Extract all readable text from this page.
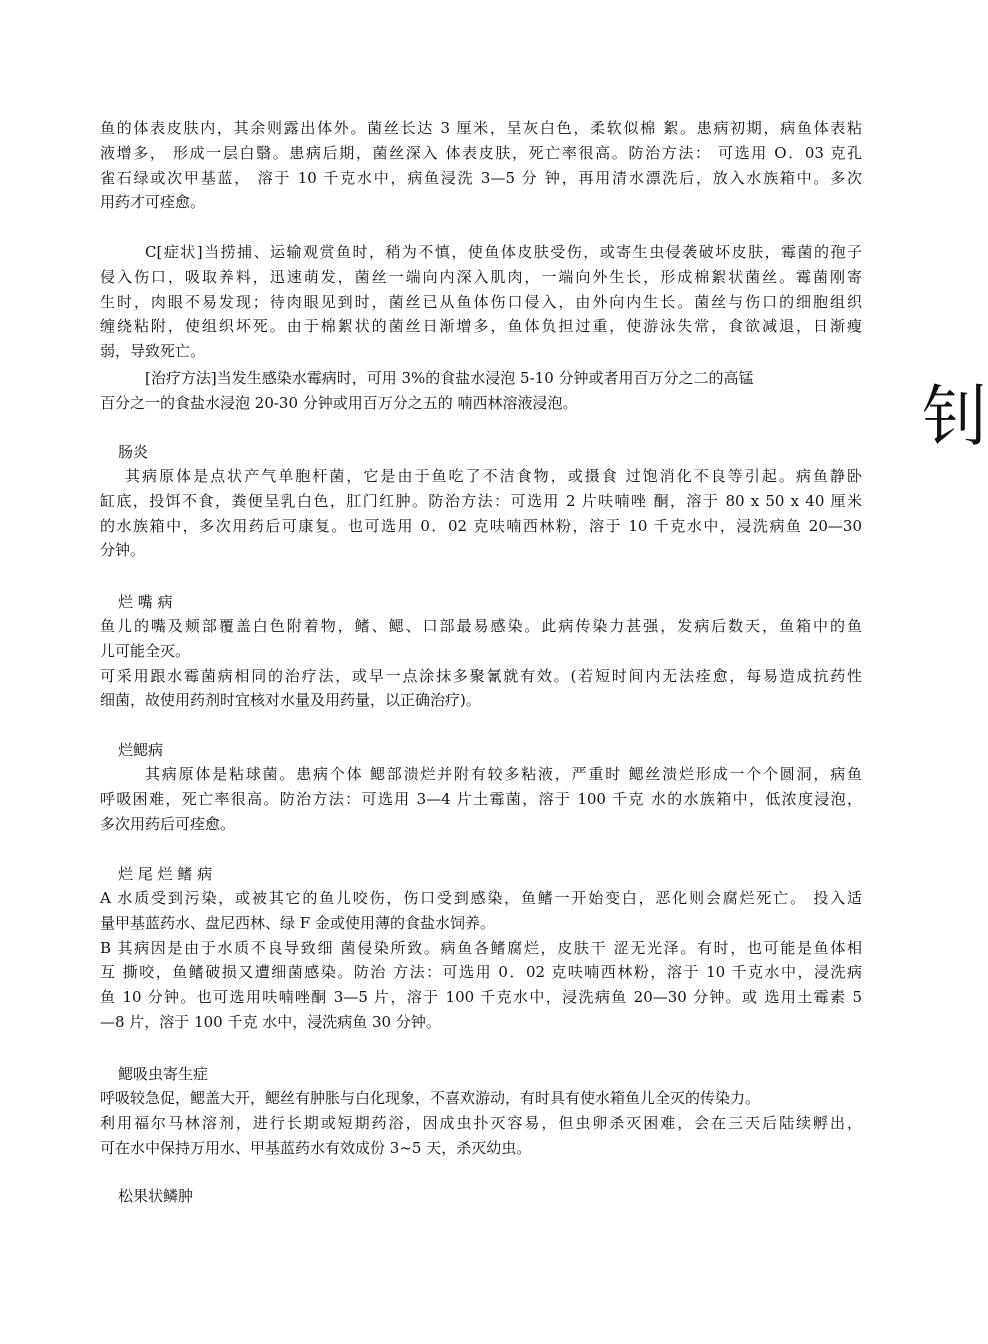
钊
鱼的体表皮肤内，其余则露出体外。菌丝长达 3 厘米，呈灰白色，柔软似棉 絮。患病初期，病鱼体表粘
液增多， 形成一层白翳。患病后期，菌丝深入 体表皮肤，死亡率很高。防治方法： 可选用 O．03 克孔
雀石绿或次甲基蓝， 溶于 10 千克水中，病鱼浸洗 3—5 分 钟，再用清水漂洗后，放入水族箱中。多次
用药才可痊愈。
C[症状]当捞捕、运输观赏鱼时，稍为不慎，使鱼体皮肤受伤，或寄生虫侵袭破坏皮肤，霉菌的孢子
侵入伤口，吸取养料，迅速萌发，菌丝一端向内深入肌肉，一端向外生长，形成棉絮状菌丝。霉菌刚寄
生时，肉眼不易发现；待肉眼见到时，菌丝已从鱼体伤口侵入，由外向内生长。菌丝与伤口的细胞组织
缠绕粘附，使组织坏死。由于棉絮状的菌丝日渐增多，鱼体负担过重，使游泳失常，食欲减退，日渐瘦
弱，导致死亡。
[治疗方法]当发生感染水霉病时，可用 3%的食盐水浸泡 5-10 分钟或者用百万分之二的高锰
百分之一的食盐水浸泡 20-30 分钟或用百万分之五的 喃西林溶液浸泡。
肠炎
其病原体是点状产气单胞杆菌，它是由于鱼吃了不洁食物，或摄食 过饱消化不良等引起。病鱼静卧
缸底，投饵不食，粪便呈乳白色，肛门红肿。防治方法：可选用 2 片呋喃唑 酮，溶于 80 x 50 x 40 厘米
的水族箱中，多次用药后可康复。也可选用 0．02 克呋喃西林粉，溶于 10 千克水中，浸洗病鱼 20—30
分钟。
烂 嘴 病
鱼儿的嘴及颊部覆盖白色附着物，鳍、鳃、口部最易感染。此病传染力甚强，发病后数天，鱼箱中的鱼
儿可能全灭。
可采用跟水霉菌病相同的治疗法，或早一点涂抹多聚氰就有效。(若短时间内无法痊愈，每易造成抗药性
细菌，故使用药剂时宜核对水量及用药量，以正确治疗)。
烂鳃病
其病原体是粘球菌。患病个体 鳃部溃烂并附有较多粘液，严重时 鳃丝溃烂形成一个个圆洞，病鱼
呼吸困难，死亡率很高。防治方法：可选用 3—4 片土霉菌，溶于 100 千克 水的水族箱中，低浓度浸泡，
多次用药后可痊愈。
烂 尾 烂 鳍 病
A 水质受到污染，或被其它的鱼儿咬伤，伤口受到感染，鱼鳍一开始变白，恶化则会腐烂死亡。 投入适
量甲基蓝药水、盘尼西林、绿 F 金或使用薄的食盐水饲养。
B 其病因是由于水质不良导致细 菌侵染所致。病鱼各鳍腐烂，皮肤干 涩无光泽。有时，也可能是鱼体相
互 撕咬，鱼鳍破损又遭细菌感染。防治 方法：可选用 0．02 克呋喃西林粉，溶于 10 千克水中，浸洗病
鱼 10 分钟。也可选用呋喃唑酮 3—5 片，溶于 100 千克水中，浸洗病鱼 20—30 分钟。或 选用土霉素 5
—8 片，溶于 100 千克 水中，浸洗病鱼 30 分钟。
鳃吸虫寄生症
呼吸较急促，鳃盖大开，鳃丝有肿胀与白化现象，不喜欢游动，有时具有使水箱鱼儿全灭的传染力。
利用福尔马林溶剂，进行长期或短期药浴，因成虫扑灭容易，但虫卵杀灭困难，会在三天后陆续孵出，
可在水中保持万用水、甲基蓝药水有效成份 3~5 天，杀灭幼虫。
松果状鳞肿
